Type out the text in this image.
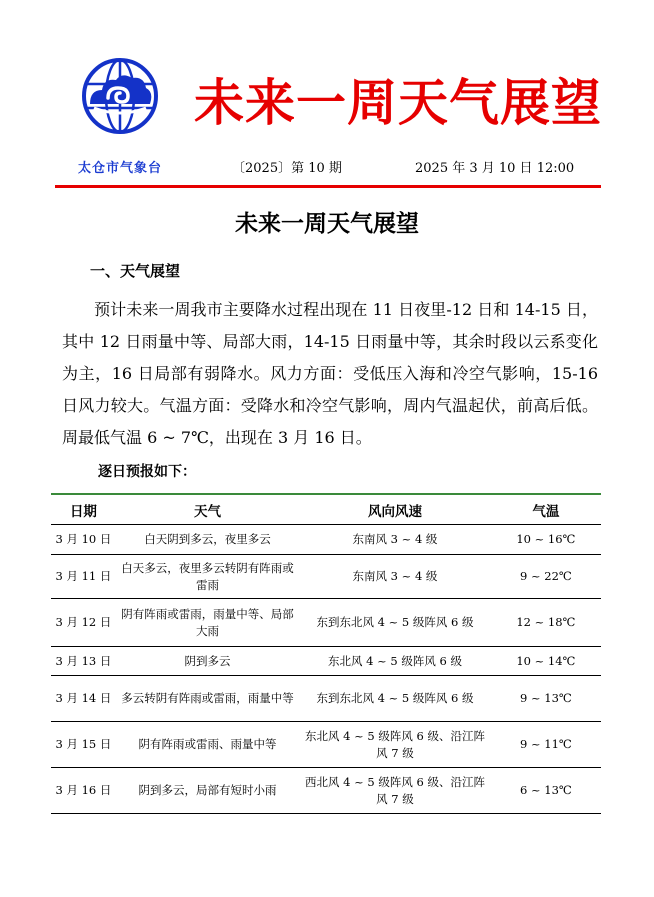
未来一周天气展望
太仓市气象台	〔2025〕第 10 期	2025 年 3 月 10 日 12:00
未来一周天气展望
一、天气展望

预计未来一周我市主要降水过程出现在 11 日夜里-12 日和 14-15 日，其中 12 日雨量中等、局部大雨，14-15 日雨量中等，其余时段以云系变化为主，16 日局部有弱降水。风力方面：受低压入海和冷空气影响，15-16 日风力较大。气温方面：受降水和冷空气影响，周内气温起伏，前高后低。周最低气温 6 ~ 7℃，出现在 3 月 16 日。

逐日预报如下：
日期	天气	风向风速	气温
3 月 10 日	白天阴到多云，夜里多云	东南风 3 ~ 4 级	10 ~ 16℃
3 月 11 日	白天多云，夜里多云转阴有阵雨或雷雨	东南风 3 ~ 4 级	9 ~ 22℃
3 月 12 日	阴有阵雨或雷雨，雨量中等、局部大雨	东到东北风 4 ~ 5 级阵风 6 级	12 ~ 18℃
3 月 13 日	阴到多云	东北风 4 ~ 5 级阵风 6 级	10 ~ 14℃
3 月 14 日	多云转阴有阵雨或雷雨，雨量中等	东到东北风 4 ~ 5 级阵风 6 级	9 ~ 13℃
3 月 15 日	阴有阵雨或雷雨、雨量中等	东北风 4 ~ 5 级阵风 6 级、沿江阵风 7 级	9 ~ 11℃
3 月 16 日	阴到多云，局部有短时小雨	西北风 4 ~ 5 级阵风 6 级、沿江阵风 7 级	6 ~ 13℃
